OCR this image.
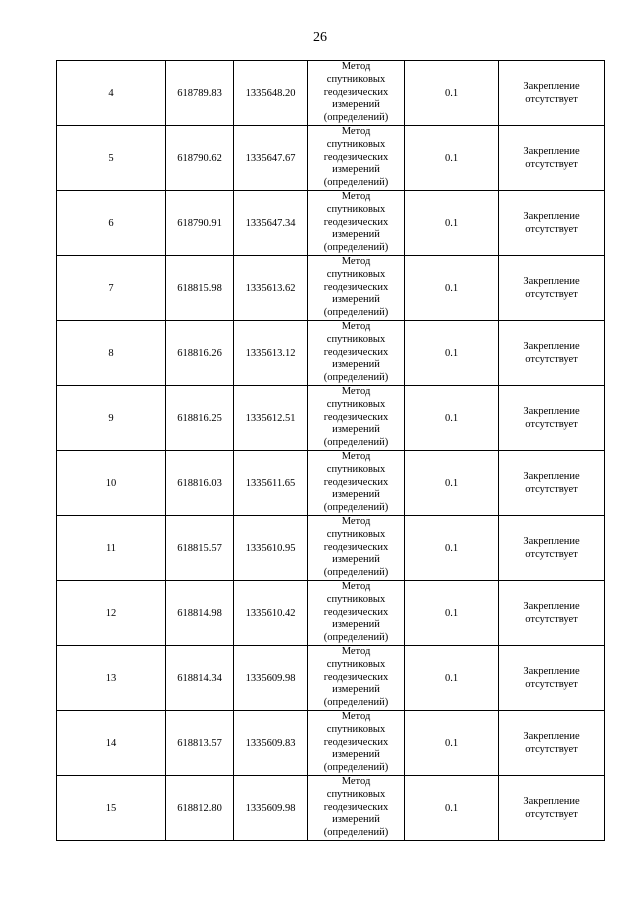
26
4	618789.83	1335648.20	Метод спутниковых геодезических измерений (определений)	0.1	Закрепление отсутствует

5	618790.62	1335647.67	Метод спутниковых геодезических измерений (определений)	0.1	Закрепление отсутствует

6	618790.91	1335647.34	Метод спутниковых геодезических измерений (определений)	0.1	Закрепление отсутствует

7	618815.98	1335613.62	Метод спутниковых геодезических измерений (определений)	0.1	Закрепление отсутствует

8	618816.26	1335613.12	Метод спутниковых геодезических измерений (определений)	0.1	Закрепление отсутствует

9	618816.25	1335612.51	Метод спутниковых геодезических измерений (определений)	0.1	Закрепление отсутствует

10	618816.03	1335611.65	Метод спутниковых геодезических измерений (определений)	0.1	Закрепление отсутствует

11	618815.57	1335610.95	Метод спутниковых геодезических измерений (определений)	0.1	Закрепление отсутствует

12	618814.98	1335610.42	Метод спутниковых геодезических измерений (определений)	0.1	Закрепление отсутствует

13	618814.34	1335609.98	Метод спутниковых геодезических измерений (определений)	0.1	Закрепление отсутствует

14	618813.57	1335609.83	Метод спутниковых геодезических измерений (определений)	0.1	Закрепление отсутствует

15	618812.80	1335609.98	Метод спутниковых геодезических измерений (определений)	0.1	Закрепление отсутствует
